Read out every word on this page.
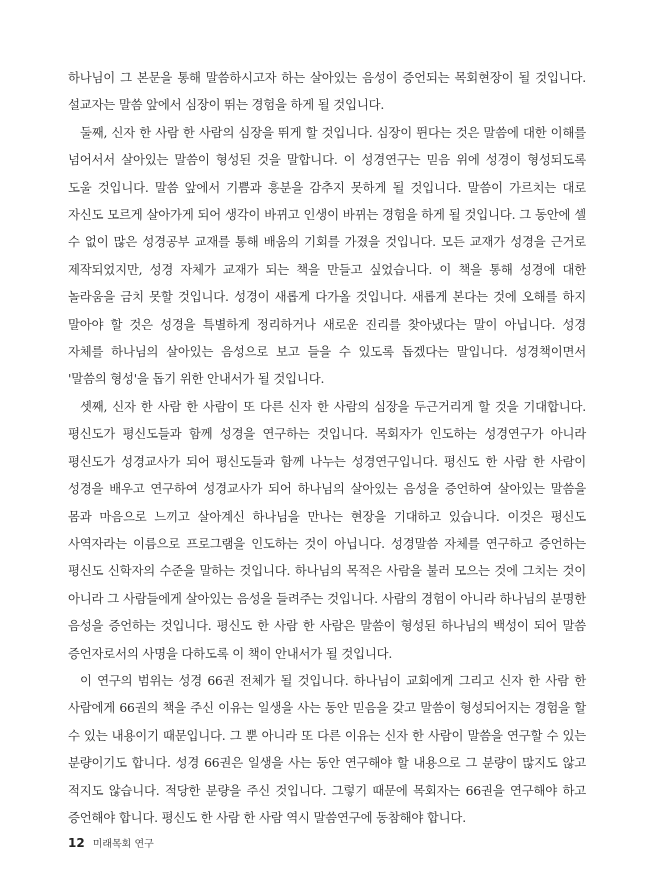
하나님이 그 본문을 통해 말씀하시고자 하는 살아있는 음성이 증언되는 목회현장이 될 것입니다. 설교자는 말씀 앞에서 심장이 뛰는 경험을 하게 될 것입니다.

둘째, 신자 한 사람 한 사람의 심장을 뛰게 할 것입니다. 심장이 뛴다는 것은 말씀에 대한 이해를 넘어서서 살아있는 말씀이 형성된 것을 말합니다. 이 성경연구는 믿음 위에 성경이 형성되도록 도울 것입니다. 말씀 앞에서 기쁨과 흥분을 감추지 못하게 될 것입니다. 말씀이 가르치는 대로 자신도 모르게 살아가게 되어 생각이 바뀌고 인생이 바뀌는 경험을 하게 될 것입니다. 그 동안에 셀 수 없이 많은 성경공부 교재를 통해 배움의 기회를 가졌을 것입니다. 모든 교재가 성경을 근거로 제작되었지만, 성경 자체가 교재가 되는 책을 만들고 싶었습니다. 이 책을 통해 성경에 대한 놀라움을 금치 못할 것입니다. 성경이 새롭게 다가올 것입니다. 새롭게 본다는 것에 오해를 하지 말아야 할 것은 성경을 특별하게 정리하거나 새로운 진리를 찾아냈다는 말이 아닙니다. 성경 자체를 하나님의 살아있는 음성으로 보고 들을 수 있도록 돕겠다는 말입니다. 성경책이면서 '말씀의 형성'을 돕기 위한 안내서가 될 것입니다.

셋째, 신자 한 사람 한 사람이 또 다른 신자 한 사람의 심장을 두근거리게 할 것을 기대합니다. 평신도가 평신도들과 함께 성경을 연구하는 것입니다. 목회자가 인도하는 성경연구가 아니라 평신도가 성경교사가 되어 평신도들과 함께 나누는 성경연구입니다. 평신도 한 사람 한 사람이 성경을 배우고 연구하여 성경교사가 되어 하나님의 살아있는 음성을 증언하여 살아있는 말씀을 몸과 마음으로 느끼고 살아계신 하나님을 만나는 현장을 기대하고 있습니다. 이것은 평신도 사역자라는 이름으로 프로그램을 인도하는 것이 아닙니다. 성경말씀 자체를 연구하고 증언하는 평신도 신학자의 수준을 말하는 것입니다. 하나님의 목적은 사람을 불러 모으는 것에 그치는 것이 아니라 그 사람들에게 살아있는 음성을 들려주는 것입니다. 사람의 경험이 아니라 하나님의 분명한 음성을 증언하는 것입니다. 평신도 한 사람 한 사람은 말씀이 형성된 하나님의 백성이 되어 말씀 증언자로서의 사명을 다하도록 이 책이 안내서가 될 것입니다.

이 연구의 범위는 성경 66권 전체가 될 것입니다. 하나님이 교회에게 그리고 신자 한 사람 한 사람에게 66권의 책을 주신 이유는 일생을 사는 동안 믿음을 갖고 말씀이 형성되어지는 경험을 할 수 있는 내용이기 때문입니다. 그 뿐 아니라 또 다른 이유는 신자 한 사람이 말씀을 연구할 수 있는 분량이기도 합니다. 성경 66권은 일생을 사는 동안 연구해야 할 내용으로 그 분량이 많지도 않고 적지도 않습니다. 적당한 분량을 주신 것입니다. 그렇기 때문에 목회자는 66권을 연구해야 하고 증언해야 합니다. 평신도 한 사람 한 사람 역시 말씀연구에 동참해야 합니다.

12 미래목회 연구
